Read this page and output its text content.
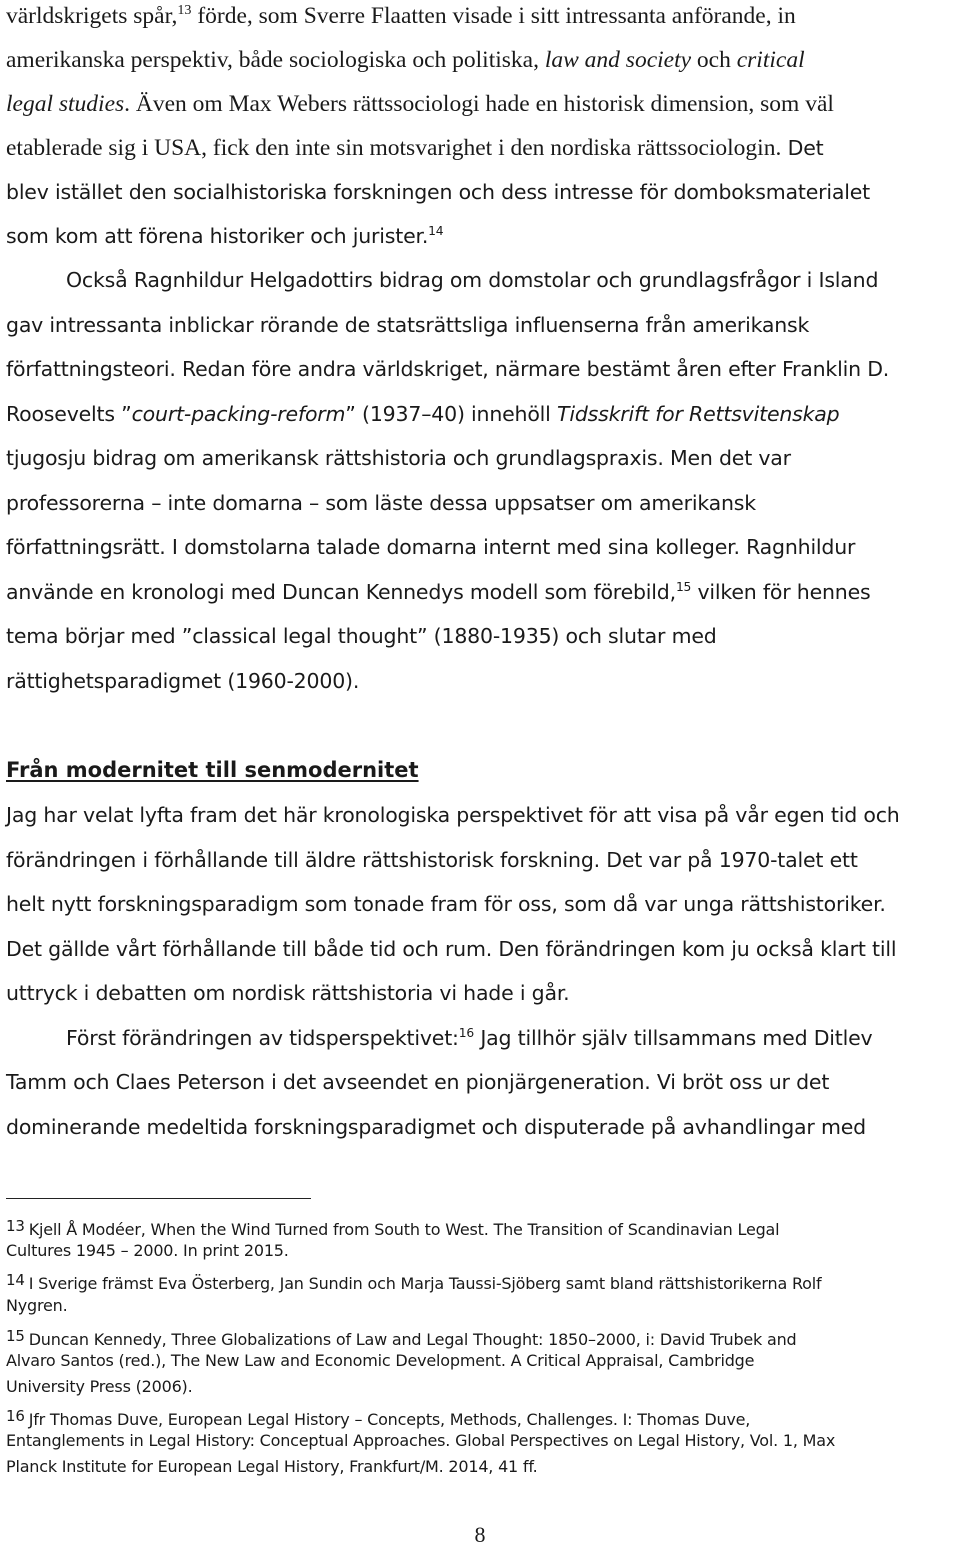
världskrigets spår,$^{13}$ förde, som Sverre Flaatten visade i sitt intressanta anförande, in
amerikanska perspektiv, både sociologiska och politiska, law and society och critical
legal studies. Även om Max Webers rättssociologi hade en historisk dimension, som väl
etablerade sig i USA, fick den inte sin motsvarighet i den nordiska rättssociologin. Det
blev istället den socialhistoriska forskningen och dess intresse för domboksmaterialet
som kom att förena historiker och jurister.$^{14}$
Också Ragnhildur Helgadottirs bidrag om domstolar och grundlagsfrågor i Island
gav intressanta inblickar rörande de statsrättsliga influenserna från amerikansk
författningsteori. Redan före andra världskriget, närmare bestämt åren efter Franklin D.
Roosevelts ”court-packing-reform” (1937–40) innehöll Tidsskrift for Rettsvitenskap
tjugosju bidrag om amerikansk rättshistoria och grundlagspraxis. Men det var
professorerna – inte domarna – som läste dessa uppsatser om amerikansk
författningsrätt. I domstolarna talade domarna internt med sina kolleger. Ragnhildur
använde en kronologi med Duncan Kennedys modell som förebild,$^{15}$ vilken för hennes
tema börjar med ”classical legal thought” (1880-1935) och slutar med
rättighetsparadigmet (1960-2000).
Från modernitet till senmodernitet
Jag har velat lyfta fram det här kronologiska perspektivet för att visa på vår egen tid och
förändringen i förhållande till äldre rättshistorisk forskning. Det var på 1970-talet ett
helt nytt forskningsparadigm som tonade fram för oss, som då var unga rättshistoriker.
Det gällde vårt förhållande till både tid och rum. Den förändringen kom ju också klart till
uttryck i debatten om nordisk rättshistoria vi hade i går.
Först förändringen av tidsperspektivet:$^{16}$ Jag tillhör själv tillsammans med Ditlev
Tamm och Claes Peterson i det avseendet en pionjärgeneration. Vi bröt oss ur det
dominerande medeltida forskningsparadigmet och disputerade på avhandlingar med
13 Kjell Å Modéer, When the Wind Turned from South to West. The Transition of Scandinavian Legal
Cultures 1945 – 2000. In print 2015.
14 I Sverige främst Eva Österberg, Jan Sundin och Marja Taussi-Sjöberg samt bland rättshistorikerna Rolf
Nygren.
15 Duncan Kennedy, Three Globalizations of Law and Legal Thought: 1850–2000, i: David Trubek and
Alvaro Santos (red.), The New Law and Economic Development. A Critical Appraisal, Cambridge
University Press (2006).
16 Jfr Thomas Duve, European Legal History – Concepts, Methods, Challenges. I: Thomas Duve,
Entanglements in Legal History: Conceptual Approaches. Global Perspectives on Legal History, Vol. 1, Max
Planck Institute for European Legal History, Frankfurt/M. 2014, 41 ff.
8
